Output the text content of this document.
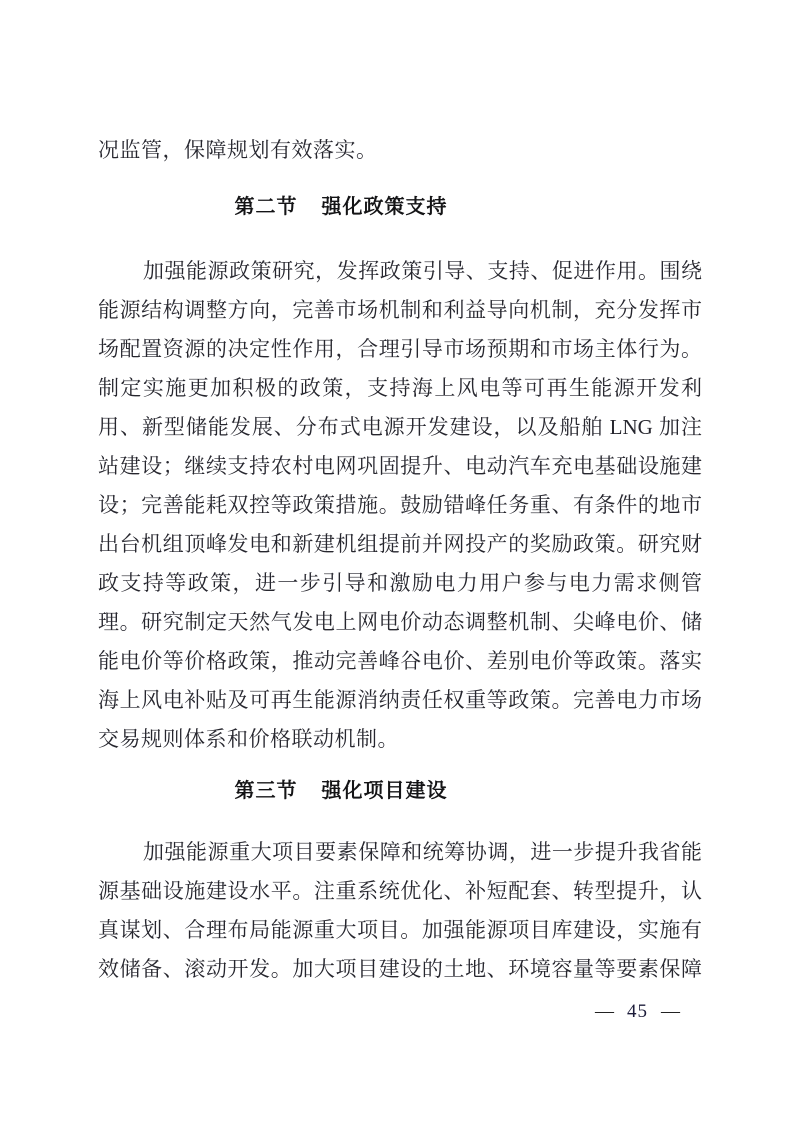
况监管，保障规划有效落实。
第二节 强化政策支持
加强能源政策研究，发挥政策引导、支持、促进作用。围绕
能源结构调整方向，完善市场机制和利益导向机制，充分发挥市
场配置资源的决定性作用，合理引导市场预期和市场主体行为。
制定实施更加积极的政策，支持海上风电等可再生能源开发利
用、新型储能发展、分布式电源开发建设，以及船舶 LNG 加注
站建设；继续支持农村电网巩固提升、电动汽车充电基础设施建
设；完善能耗双控等政策措施。鼓励错峰任务重、有条件的地市
出台机组顶峰发电和新建机组提前并网投产的奖励政策。研究财
政支持等政策，进一步引导和激励电力用户参与电力需求侧管
理。研究制定天然气发电上网电价动态调整机制、尖峰电价、储
能电价等价格政策，推动完善峰谷电价、差别电价等政策。落实
海上风电补贴及可再生能源消纳责任权重等政策。完善电力市场
交易规则体系和价格联动机制。
第三节 强化项目建设
加强能源重大项目要素保障和统筹协调，进一步提升我省能
源基础设施建设水平。注重系统优化、补短配套、转型提升，认
真谋划、合理布局能源重大项目。加强能源项目库建设，实施有
效储备、滚动开发。加大项目建设的土地、环境容量等要素保障
— 45 —
